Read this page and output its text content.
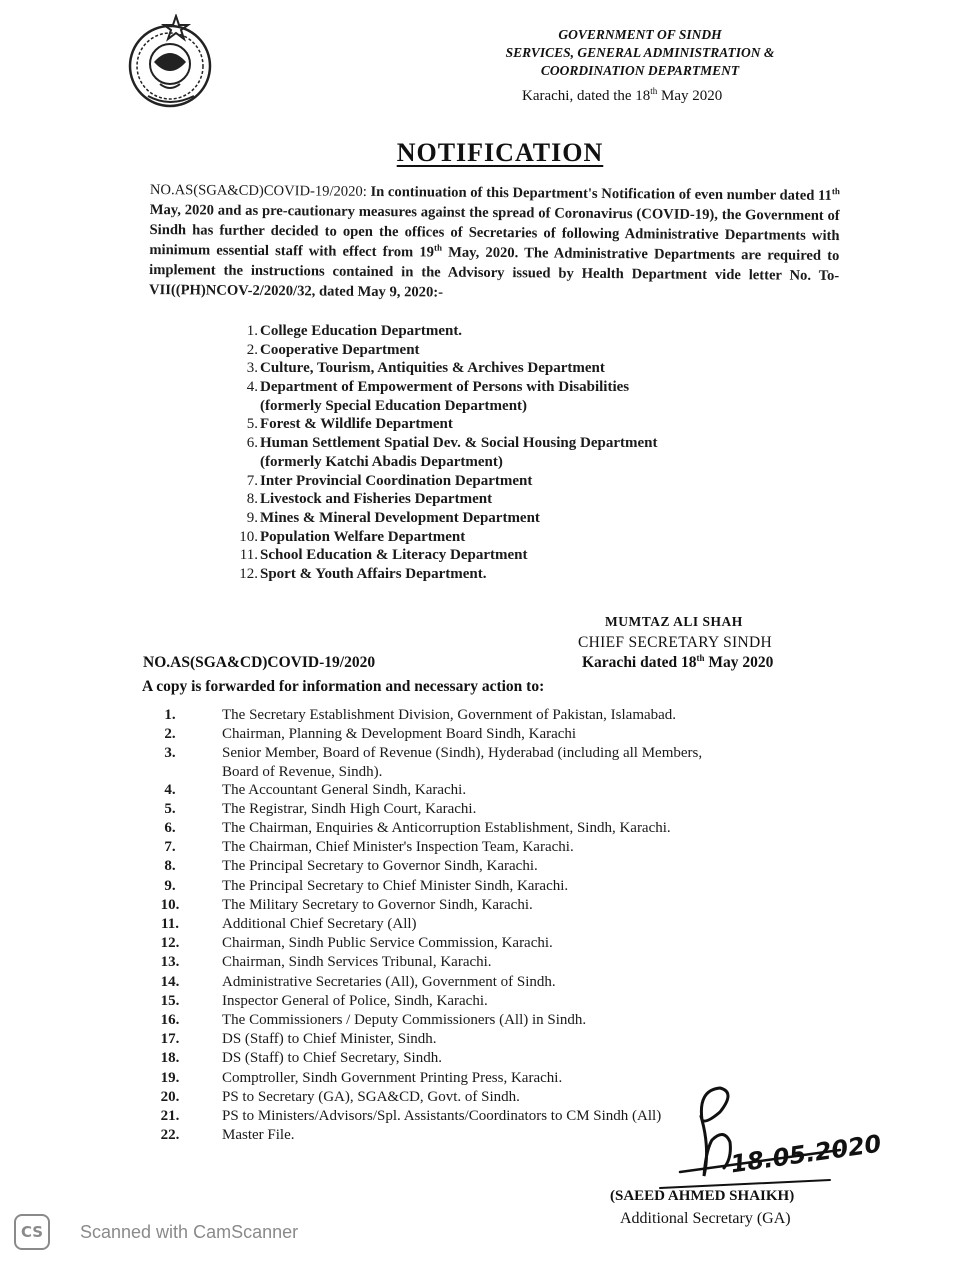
GOVERNMENT OF SINDH
SERVICES, GENERAL ADMINISTRATION &
COORDINATION DEPARTMENT
Karachi, dated the 18th May 2020
NOTIFICATION
NO.AS(SGA&CD)COVID-19/2020: In continuation of this Department's Notification of even number dated 11th May, 2020 and as pre-cautionary measures against the spread of Coronavirus (COVID-19), the Government of Sindh has further decided to open the offices of Secretaries of following Administrative Departments with minimum essential staff with effect from 19th May, 2020. The Administrative Departments are required to implement the instructions contained in the Advisory issued by Health Department vide letter No. To-VII((PH)NCOV-2/2020/32, dated May 9, 2020:-
1. College Education Department.
2. Cooperative Department
3. Culture, Tourism, Antiquities & Archives Department
4. Department of Empowerment of Persons with Disabilities
(formerly Special Education Department)
5. Forest & Wildlife Department
6. Human Settlement Spatial Dev. & Social Housing Department
(formerly Katchi Abadis Department)
7. Inter Provincial Coordination Department
8. Livestock and Fisheries Department
9. Mines & Mineral Development Department
10. Population Welfare Department
11. School Education & Literacy Department
12. Sport & Youth Affairs Department.
MUMTAZ ALI SHAH
CHIEF SECRETARY SINDH
NO.AS(SGA&CD)COVID-19/2020	Karachi dated 18th May 2020
A copy is forwarded for information and necessary action to:
1.	The Secretary Establishment Division, Government of Pakistan, Islamabad.
2.	Chairman, Planning & Development Board Sindh, Karachi
3.	Senior Member, Board of Revenue (Sindh), Hyderabad (including all Members,
Board of Revenue, Sindh).
4.	The Accountant General Sindh, Karachi.
5.	The Registrar, Sindh High Court, Karachi.
6.	The Chairman, Enquiries & Anticorruption Establishment, Sindh, Karachi.
7.	The Chairman, Chief Minister's Inspection Team, Karachi.
8.	The Principal Secretary to Governor Sindh, Karachi.
9.	The Principal Secretary to Chief Minister Sindh, Karachi.
10.	The Military Secretary to Governor Sindh, Karachi.
11.	Additional Chief Secretary (All)
12.	Chairman, Sindh Public Service Commission, Karachi.
13.	Chairman, Sindh Services Tribunal, Karachi.
14.	Administrative Secretaries (All), Government of Sindh.
15.	Inspector General of Police, Sindh, Karachi.
16.	The Commissioners / Deputy Commissioners (All) in Sindh.
17.	DS (Staff) to Chief Minister, Sindh.
18.	DS (Staff) to Chief Secretary, Sindh.
19.	Comptroller, Sindh Government Printing Press, Karachi.
20.	PS to Secretary (GA), SGA&CD, Govt. of Sindh.
21.	PS to Ministers/Advisors/Spl. Assistants/Coordinators to CM Sindh (All)
22.	Master File.	18.05.2020
(SAEED AHMED SHAIKH)
Additional Secretary (GA)
CS	Scanned with CamScanner
